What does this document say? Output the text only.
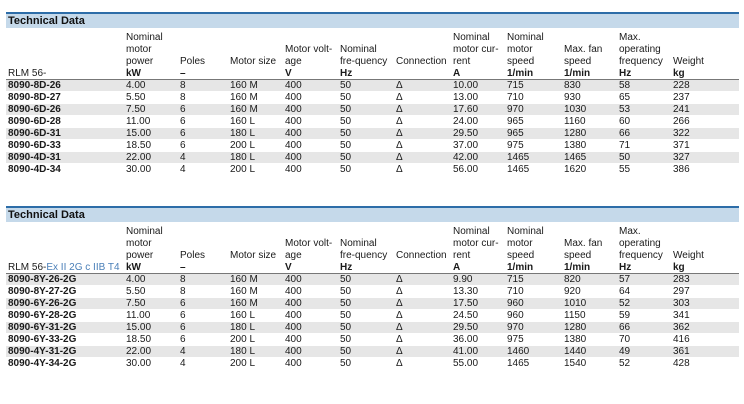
Technical Data
	Nominal motor power	Poles	Motor size	Motor volt-age	Nominal fre-quency	Connection	Nominal motor cur-rent	Nominal motor speed	Max. fan speed	Max. operating frequency	Weight
RLM 56-	kW	–		V	Hz		A	1/min	1/min	Hz	kg
8090-8D-26	4.00	8	160 M	400	50	Δ	10.00	715	830	58	228
8090-8D-27	5.50	8	160 M	400	50	Δ	13.00	710	930	65	237
8090-6D-26	7.50	6	160 M	400	50	Δ	17.60	970	1030	53	241
8090-6D-28	11.00	6	160 L	400	50	Δ	24.00	965	1160	60	266
8090-6D-31	15.00	6	180 L	400	50	Δ	29.50	965	1280	66	322
8090-6D-33	18.50	6	200 L	400	50	Δ	37.00	975	1380	71	371
8090-4D-31	22.00	4	180 L	400	50	Δ	42.00	1465	1465	50	327
8090-4D-34	30.00	4	200 L	400	50	Δ	56.00	1465	1620	55	386
Technical Data
	Nominal motor power	Poles	Motor size	Motor volt-age	Nominal fre-quency	Connection	Nominal motor cur-rent	Nominal motor speed	Max. fan speed	Max. operating frequency	Weight
RLM 56-Ex II 2G c IIB T4	kW	–		V	Hz		A	1/min	1/min	Hz	kg
8090-8Y-26-2G	4.00	8	160 M	400	50	Δ	9.90	715	820	57	283
8090-8Y-27-2G	5.50	8	160 M	400	50	Δ	13.30	710	920	64	297
8090-6Y-26-2G	7.50	6	160 M	400	50	Δ	17.50	960	1010	52	303
8090-6Y-28-2G	11.00	6	160 L	400	50	Δ	24.50	960	1150	59	341
8090-6Y-31-2G	15.00	6	180 L	400	50	Δ	29.50	970	1280	66	362
8090-6Y-33-2G	18.50	6	200 L	400	50	Δ	36.00	975	1380	70	416
8090-4Y-31-2G	22.00	4	180 L	400	50	Δ	41.00	1460	1440	49	361
8090-4Y-34-2G	30.00	4	200 L	400	50	Δ	55.00	1465	1540	52	428
